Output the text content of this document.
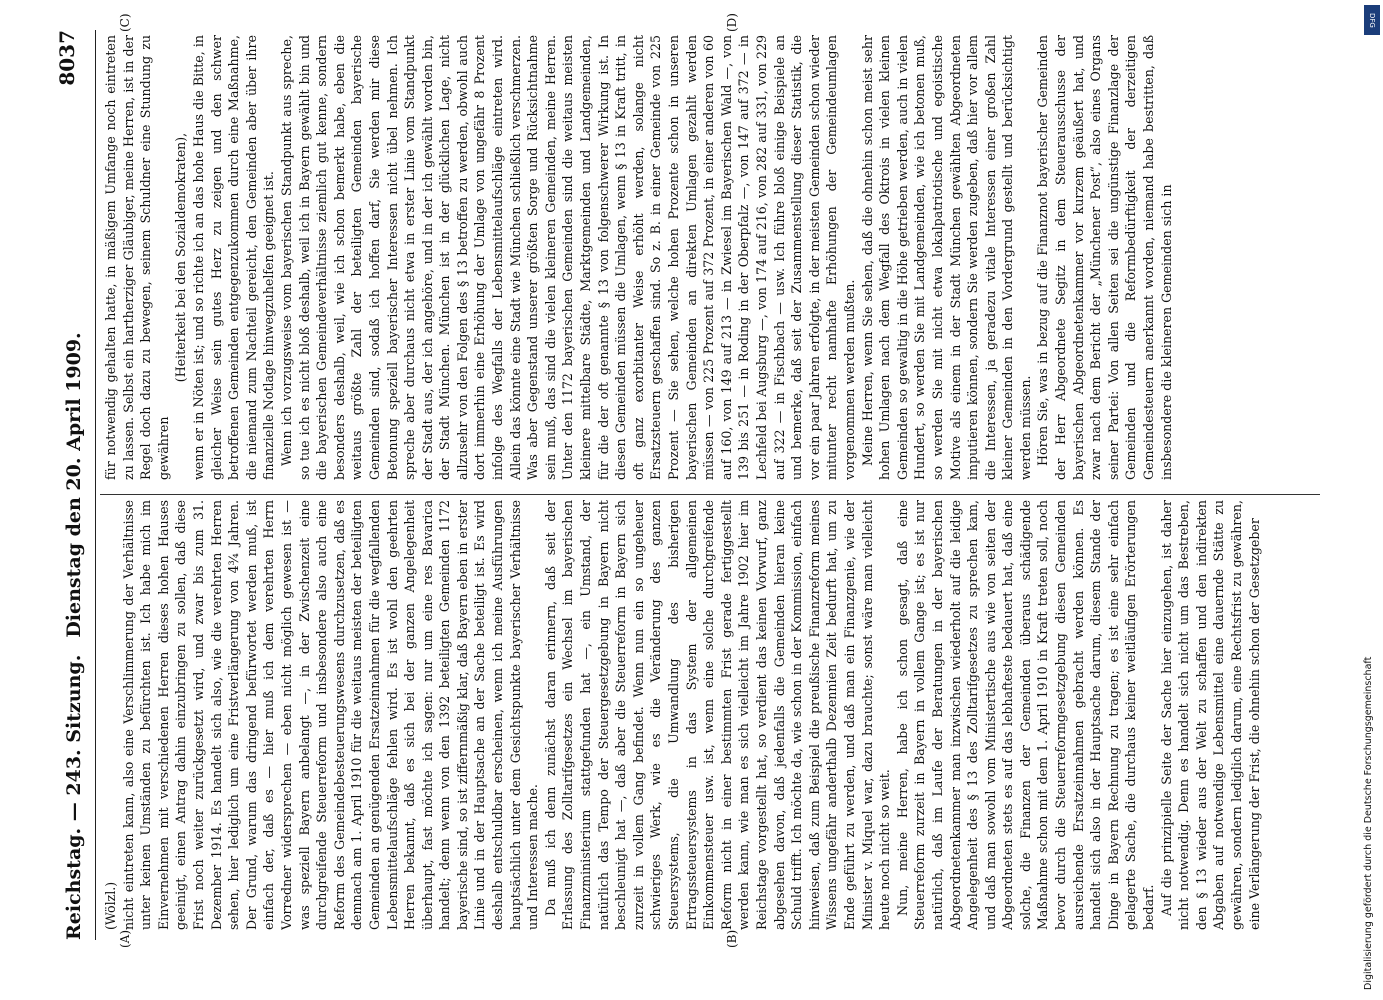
Reichstag. — 243. Sitzung.
Dienstag den 20. April 1909.
8037
(A)	(B)
(C)	(D)

(Wölzl.) nicht eintreten kann, also eine Verschlimmerung der Verhältnisse unter keinen Umständen zu befürchten ist. Ich habe mich im Einvernehmen mit verschiedenen Herren dieses hohen Hauses geeinigt, einen Antrag dahin einzubringen zu sollen, daß diese Frist noch weiter zurückgesetzt wird, und zwar bis zum 31. Dezember 1914. Es handelt sich also, wie die verehrten Herren sehen, hier lediglich um eine Fristverlängerung von 4¾ Jahren. Der Grund, warum das dringend befürwortet werden muß, ist einfach der, daß es — hier muß ich dem verehrten Herrn Vorredner widersprechen — eben nicht möglich gewesen ist — was speziell Bayern anbelangt —, in der Zwischenzeit eine durchgreifende Steuerreform und insbesondere also auch eine Reform des Gemeindebesteuerungswesens durchzusetzen, daß es demnach am 1. April 1910 für die weitaus meisten der beteiligten Gemeinden an genügenden Ersatzeinnahmen für die wegfallenden Lebensmittelaufschläge fehlen wird. Es ist wohl den geehrten Herren bekannt, daß es sich bei der ganzen Angelegenheit überhaupt, fast möchte ich sagen: nur um eine res Bavarica handelt; denn wenn von den 1392 beteiligten Gemeinden 1172 bayerische sind, so ist ziffernmäßig klar, daß Bayern eben in erster Linie und in der Hauptsache an der Sache beteiligt ist. Es wird deshalb entschuldbar erscheinen, wenn ich meine Ausführungen hauptsächlich unter dem Gesichtspunkte bayerischer Verhältnisse und Interessen mache. Da muß ich denn zunächst daran erinnern, daß seit der Erlassung des Zolltarifgesetzes ein Wechsel im bayerischen Finanzministerium stattgefunden hat —, ein Umstand, der natürlich das Tempo der Steuergesetzgebung in Bayern nicht beschleunigt hat —, daß aber die Steuerreform in Bayern sich zurzeit in vollem Gang befindet. Wenn nun ein so ungeheuer schwieriges Werk, wie es die Veränderung des ganzen Steuersystems, die Umwandlung des bisherigen Ertragssteuersystems in das System der allgemeinen Einkommensteuer usw. ist, wenn eine solche durchgreifende Reform nicht in einer bestimmten Frist gerade fertiggestellt werden kann, wie man es sich vielleicht im Jahre 1902 hier im Reichstage vorgestellt hat, so verdient das keinen Vorwurf, ganz abgesehen davon, daß jedenfalls die Gemeinden hieran keine Schuld trifft. Ich möchte da, wie schon in der Kommission, einfach hinweisen, daß zum Beispiel die preußische Finanzreform meines Wissens ungefähr anderthalb Dezennien Zeit bedurft hat, um zu Ende geführt zu werden, und daß man ein Finanzgenie, wie der Minister v. Miquel war, dazu brauchte; sonst wäre man vielleicht heute noch nicht so weit. Nun, meine Herren, habe ich schon gesagt, daß eine Steuerreform zurzeit in Bayern in vollem Gange ist; es ist nur natürlich, daß im Laufe der Beratungen in der bayerischen Abgeordnetenkammer man inzwischen wiederholt auf die leidige Angelegenheit des § 13 des Zolltarifgesetzes zu sprechen kam, und daß man sowohl vom Ministertische aus wie von seiten der Abgeordneten stets es auf das lebhafteste bedauert hat, daß eine solche, die Finanzen der Gemeinden überaus schädigende Maßnahme schon mit dem 1. April 1910 in Kraft treten soll, noch bevor durch die Steuerreformgesetzgebung diesen Gemeinden ausreichende Ersatzeinnahmen gebracht werden können. Es handelt sich also in der Hauptsache darum, diesem Stande der Dinge in Bayern Rechnung zu tragen; es ist eine sehr einfach gelagerte Sache, die durchaus keiner weitläufigen Erörterungen bedarf. Auf die prinzipielle Seite der Sache hier einzugehen, ist daher nicht notwendig. Denn es handelt sich nicht um das Bestreben, den § 13 wieder aus der Welt zu schaffen und den indirekten Abgaben auf notwendige Lebensmittel eine dauernde Stätte zu gewähren, sondern lediglich darum, eine Rechtsfrist zu gewähren, eine Verlängerung der Frist, die ohnehin schon der Gesetzgeber

für notwendig gehalten hatte, in mäßigem Umfange noch eintreten zu lassen. Selbst ein hartherziger Gläubiger, meine Herren, ist in der Regel doch dazu zu bewegen, seinem Schuldner eine Stundung zu gewähren

(Heiterkeit bei den Sozialdemokraten), wenn er in Nöten ist; und so richte ich an das hohe Haus die Bitte, in gleicher Weise sein gutes Herz zu zeigen und den schwer betroffenen Gemeinden entgegenzukommen durch eine Maßnahme, die niemand zum Nachteil gereicht, den Gemeinden aber über ihre finanzielle Notlage hinwegzuhelfen geeignet ist. Wenn ich vorzugsweise vom bayerischen Standpunkt aus spreche, so tue ich es nicht bloß deshalb, weil ich in Bayern gewählt bin und die bayerischen Gemeindeverhältnisse ziemlich gut kenne, sondern besonders deshalb, weil, wie ich schon bemerkt habe, eben die weitaus größte Zahl der beteiligten Gemeinden bayerische Gemeinden sind, sodaß ich hoffen darf, Sie werden mir diese Betonung speziell bayerischer Interessen nicht übel nehmen. Ich spreche aber durchaus nicht etwa in erster Linie vom Standpunkt der Stadt aus, der ich angehöre, und in der ich gewählt worden bin, der Stadt München. München ist in der glücklichen Lage, nicht allzusehr von den Folgen des § 13 betroffen zu werden, obwohl auch dort immerhin eine Erhöhung der Umlage von ungefähr 8 Prozent infolge des Wegfalls der Lebensmittelaufschläge eintreten wird. Allein das könnte eine Stadt wie München schließlich verschmerzen. Was aber Gegenstand unserer größten Sorge und Rücksichtnahme sein muß, das sind die vielen kleineren Gemeinden, meine Herren. Unter den 1172 bayerischen Gemeinden sind die weitaus meisten kleinere mittelbare Städte, Marktgemeinden und Landgemeinden, für die der oft genannte § 13 von folgenschwerer Wirkung ist. In diesen Gemeinden müssen die Umlagen, wenn § 13 in Kraft tritt, in oft ganz exorbitanter Weise erhöht werden, solange nicht Ersatzsteuern geschaffen sind. So z. B. in einer Gemeinde von 225 Prozent — Sie sehen, welche hohen Prozente schon in unseren bayerischen Gemeinden an direkten Umlagen gezahlt werden müssen — von 225 Prozent auf 372 Prozent, in einer anderen von 60 auf 160, von 149 auf 213 — in Zwiesel im Bayerischen Wald —, von 139 bis 251 — in Roding in der Oberpfalz —, von 147 auf 372 — in Lechfeld bei Augsburg —, von 174 auf 216, von 282 auf 331, von 229 auf 322 — in Fischbach — usw. Ich führe bloß einige Beispiele an und bemerke, daß seit der Zusammenstellung dieser Statistik, die vor ein paar Jahren erfolgte, in der meisten Gemeinden schon wieder mitunter recht namhafte Erhöhungen der Gemeindeumlagen vorgenommen werden mußten. Meine Herren, wenn Sie sehen, daß die ohnehin schon meist sehr hohen Umlagen nach dem Wegfall des Oktrois in vielen kleinen Gemeinden so gewaltig in die Höhe getrieben werden, auch in vielen Hundert, so werden Sie mit Landgemeinden, wie ich betonen muß, so werden Sie mit nicht etwa lokalpatriotische und egoistische Motive als einem in der Stadt München gewählten Abgeordneten imputieren können, sondern Sie werden zugeben, daß hier vor allem die Interessen, ja geradezu vitale Interessen einer großen Zahl kleiner Gemeinden in den Vordergrund gestellt und berücksichtigt werden müssen. Hören Sie, was in bezug auf die Finanznot bayerischer Gemeinden der Herr Abgeordnete Segitz in dem Steuerausschusse der bayerischen Abgeordnetenkammer vor kurzem geäußert hat, und zwar nach dem Bericht der „Münchener Post“, also eines Organs seiner Partei: Von allen Seiten sei die ungünstige Finanzlage der Gemeinden und die Reformbedürftigkeit der derzeitigen Gemeindesteuern anerkannt worden, niemand habe bestritten, daß insbesondere die kleineren Gemeinden sich in

DFG
Digitalisierung gefördert durch die Deutsche Forschungsgemeinschaft
